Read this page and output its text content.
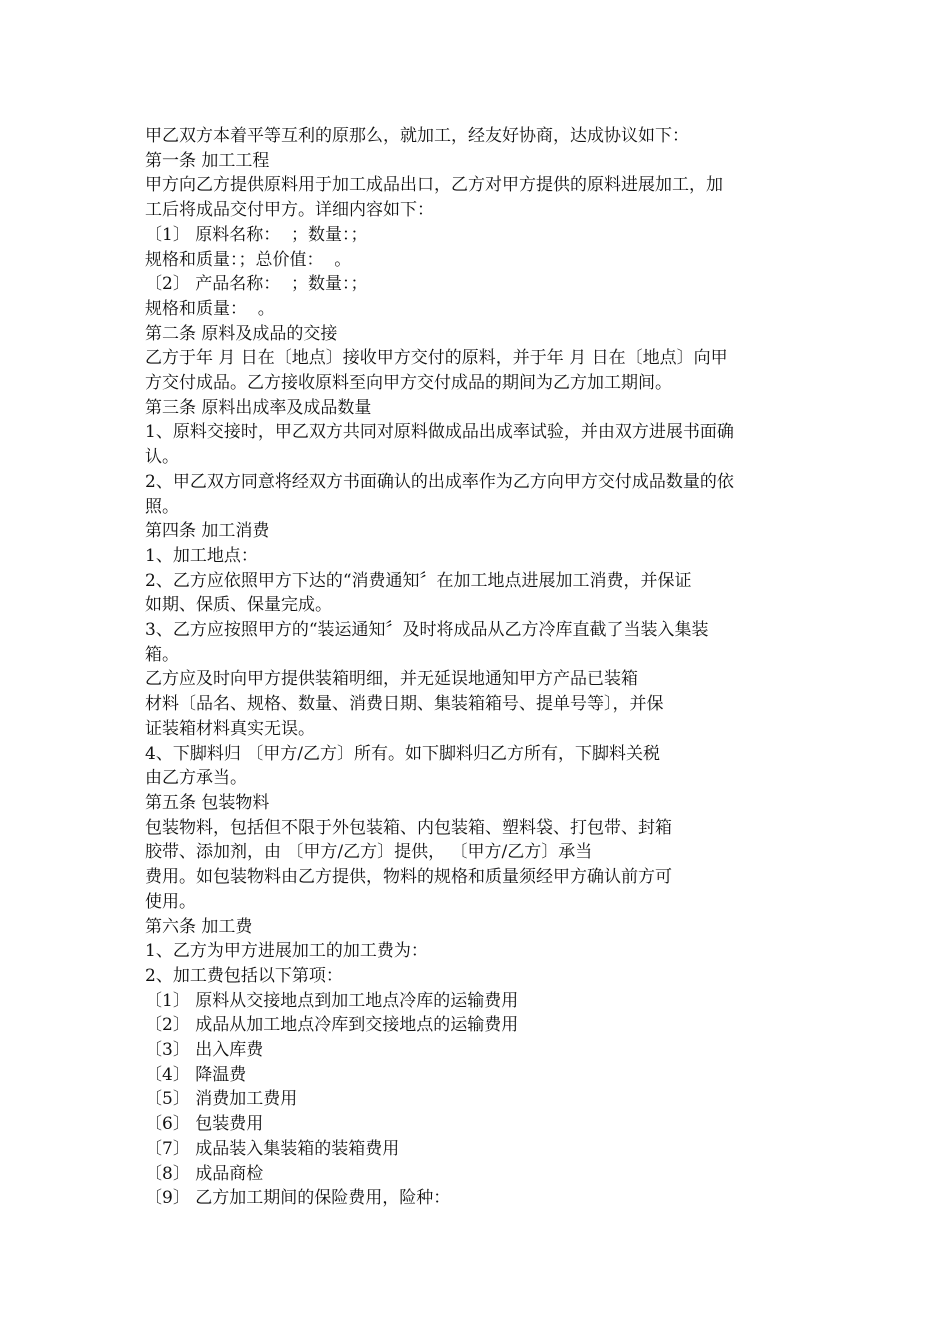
甲乙双方本着平等互利的原那么，就加工，经友好协商，达成协议如下：
第一条 加工工程
甲方向乙方提供原料用于加工成品出口，乙方对甲方提供的原料进展加工，加
工后将成品交付甲方。详细内容如下：
〔1〕 原料名称：  ；数量：；
规格和质量：；总价值：  。
〔2〕 产品名称：  ；数量：；
规格和质量：  。
第二条 原料及成品的交接
乙方于年 月 日在〔地点〕接收甲方交付的原料，并于年 月 日在〔地点〕向甲
方交付成品。乙方接收原料至向甲方交付成品的期间为乙方加工期间。
第三条 原料出成率及成品数量
1、原料交接时，甲乙双方共同对原料做成品出成率试验，并由双方进展书面确
认。
2、甲乙双方同意将经双方书面确认的出成率作为乙方向甲方交付成品数量的依
照。
第四条 加工消费
1、加工地点：
2、乙方应依照甲方下达的“消费通知〞在加工地点进展加工消费，并保证
如期、保质、保量完成。
3、乙方应按照甲方的“装运通知〞及时将成品从乙方冷库直截了当装入集装
箱。
乙方应及时向甲方提供装箱明细，并无延误地通知甲方产品已装箱
材料〔品名、规格、数量、消费日期、集装箱箱号、提单号等〕，并保
证装箱材料真实无误。
4、下脚料归 〔甲方/乙方〕所有。如下脚料归乙方所有，下脚料关税
由乙方承当。
第五条 包装物料
包装物料，包括但不限于外包装箱、内包装箱、塑料袋、打包带、封箱
胶带、添加剂，由 〔甲方/乙方〕提供， 〔甲方/乙方〕承当
费用。如包装物料由乙方提供，物料的规格和质量须经甲方确认前方可
使用。
第六条 加工费
1、乙方为甲方进展加工的加工费为：
2、加工费包括以下第项：
〔1〕 原料从交接地点到加工地点冷库的运输费用
〔2〕 成品从加工地点冷库到交接地点的运输费用
〔3〕 出入库费
〔4〕 降温费
〔5〕 消费加工费用
〔6〕 包装费用
〔7〕 成品装入集装箱的装箱费用
〔8〕 成品商检
〔9〕 乙方加工期间的保险费用，险种：
